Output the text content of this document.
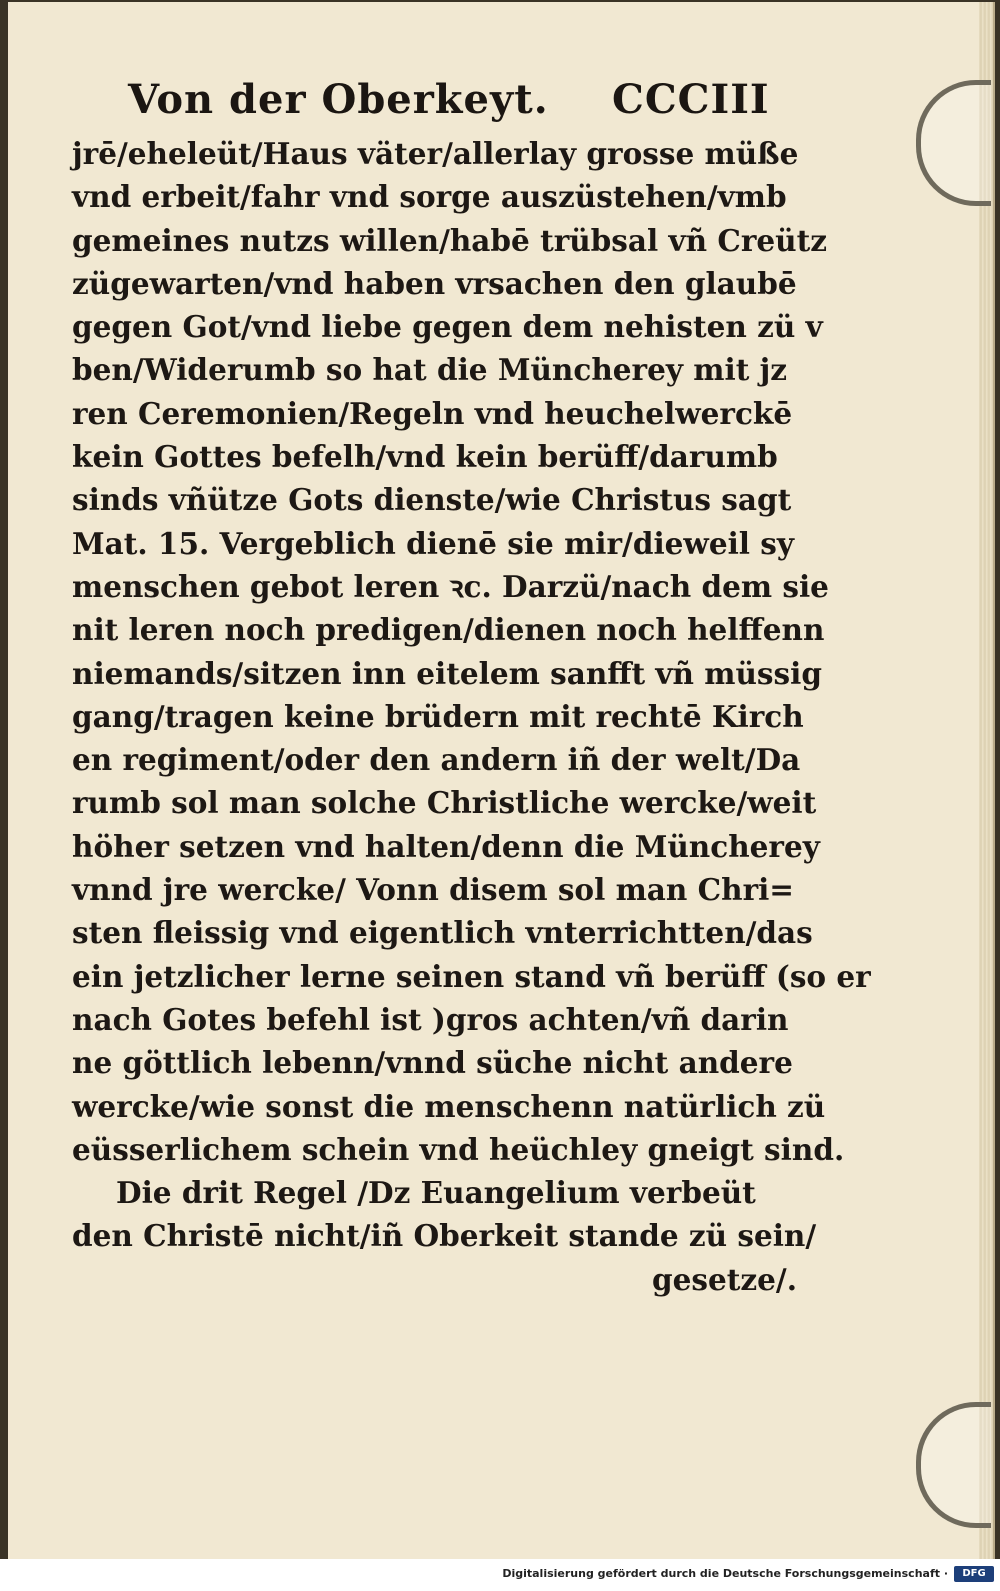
Von der Oberkeyt. CCCIII
jrē/eheleüt/Haus väter/allerlay grosse müße
vnd erbeit/fahr vnd sorge auszüstehen/vmb
gemeines nutzs willen/habē trübsal vñ Creütz
zügewarten/vnd haben vrsachen den glaubē
gegen Got/vnd liebe gegen dem nehisten zü v
ben/Widerumb so hat die Müncherey mit jz
ren Ceremonien/Regeln vnd heuchelwerckē
kein Gottes befelh/vnd kein berüff/darumb
sinds vñütze Gots dienste/wie Christus sagt
Mat. 15. Vergeblich dienē sie mir/dieweil sy
menschen gebot leren ꝛc. Darzü/nach dem sie
nit leren noch predigen/dienen noch helffenn
niemands/sitzen inn eitelem sanfft vñ müssig
gang/tragen keine brüdern mit rechtē Kirch
en regiment/oder den andern iñ der welt/Da
rumb sol man solche Christliche wercke/weit
höher setzen vnd halten/denn die Müncherey
vnnd jre wercke/ Vonn disem sol man Chri=
sten fleissig vnd eigentlich vnterrichtten/das
ein jetzlicher lerne seinen stand vñ berüff (so er
nach Gotes befehl ist )gros achten/vñ darin
ne göttlich lebenn/vnnd süche nicht andere
wercke/wie sonst die menschenn natürlich zü
eüsserlichem schein vnd heüchley gneigt sind.
Die drit Regel /Dz Euangelium verbeüt
den Christē nicht/iñ Oberkeit stande zü sein/
gesetze/.
Digitalisierung gefördert durch die Deutsche Forschungsgemeinschaft ·	DFG
